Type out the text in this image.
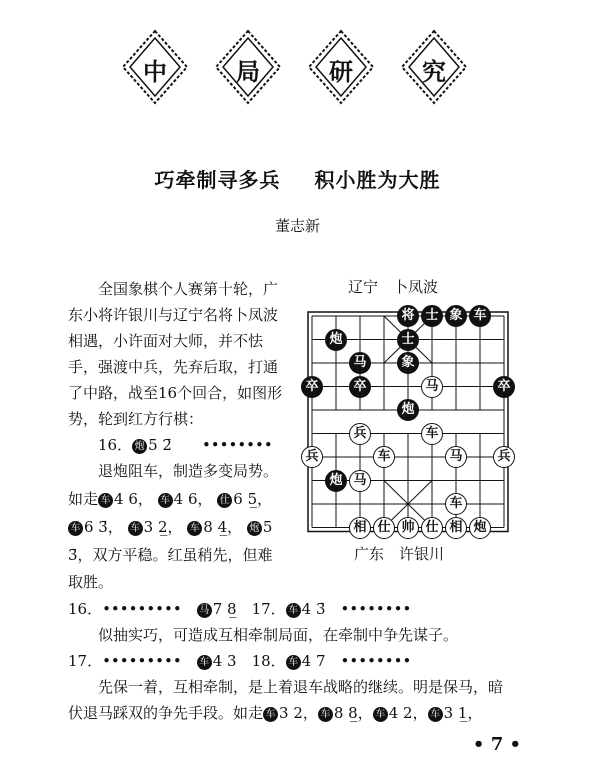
中	局	研	究
巧牵制寻多兵 积小胜为大胜
董志新
全国象棋个人赛第十轮，广东小将许银川与辽宁名将卜凤波相遇，小许面对大师，并不怯手，强渡中兵，先弃后取，打通了中路，战至16个回合，如图形势，轮到红方行棋：
16． 炮 5 2̄　　••••••••
退炮阻车，制造多变局势。
如走 车 4 6， 车 4 6， 仕 6 5̲，
车 6 3̄， 车 3 2̲， 车 8 4̲， 炮 5
3̄，双方平稳。红虽稍先，但难
取胜。
16．•••••••••　马 7 8̲　17． 车 4 3̄　••••••••
似抽实巧，可造成互相牵制局面，在牵制中争先谋子。
17．•••••••••　车 4 3　18． 车 4 7　••••••••
先保一着，互相牵制，是上着退车战略的继续。明是保马，暗
伏退马踩双的争先手段。如走 车 3 2， 车 8 8̲， 车 4 2， 车 3 1̲，
辽宁　卜凤波
广东　许银川
将 士 象 车
炮	士
马	象
卒	卒	马	卒
炮
兵	车
兵	车	马	兵
炮 马
车
相 仕 帅 仕 相 炮
• 7 •
